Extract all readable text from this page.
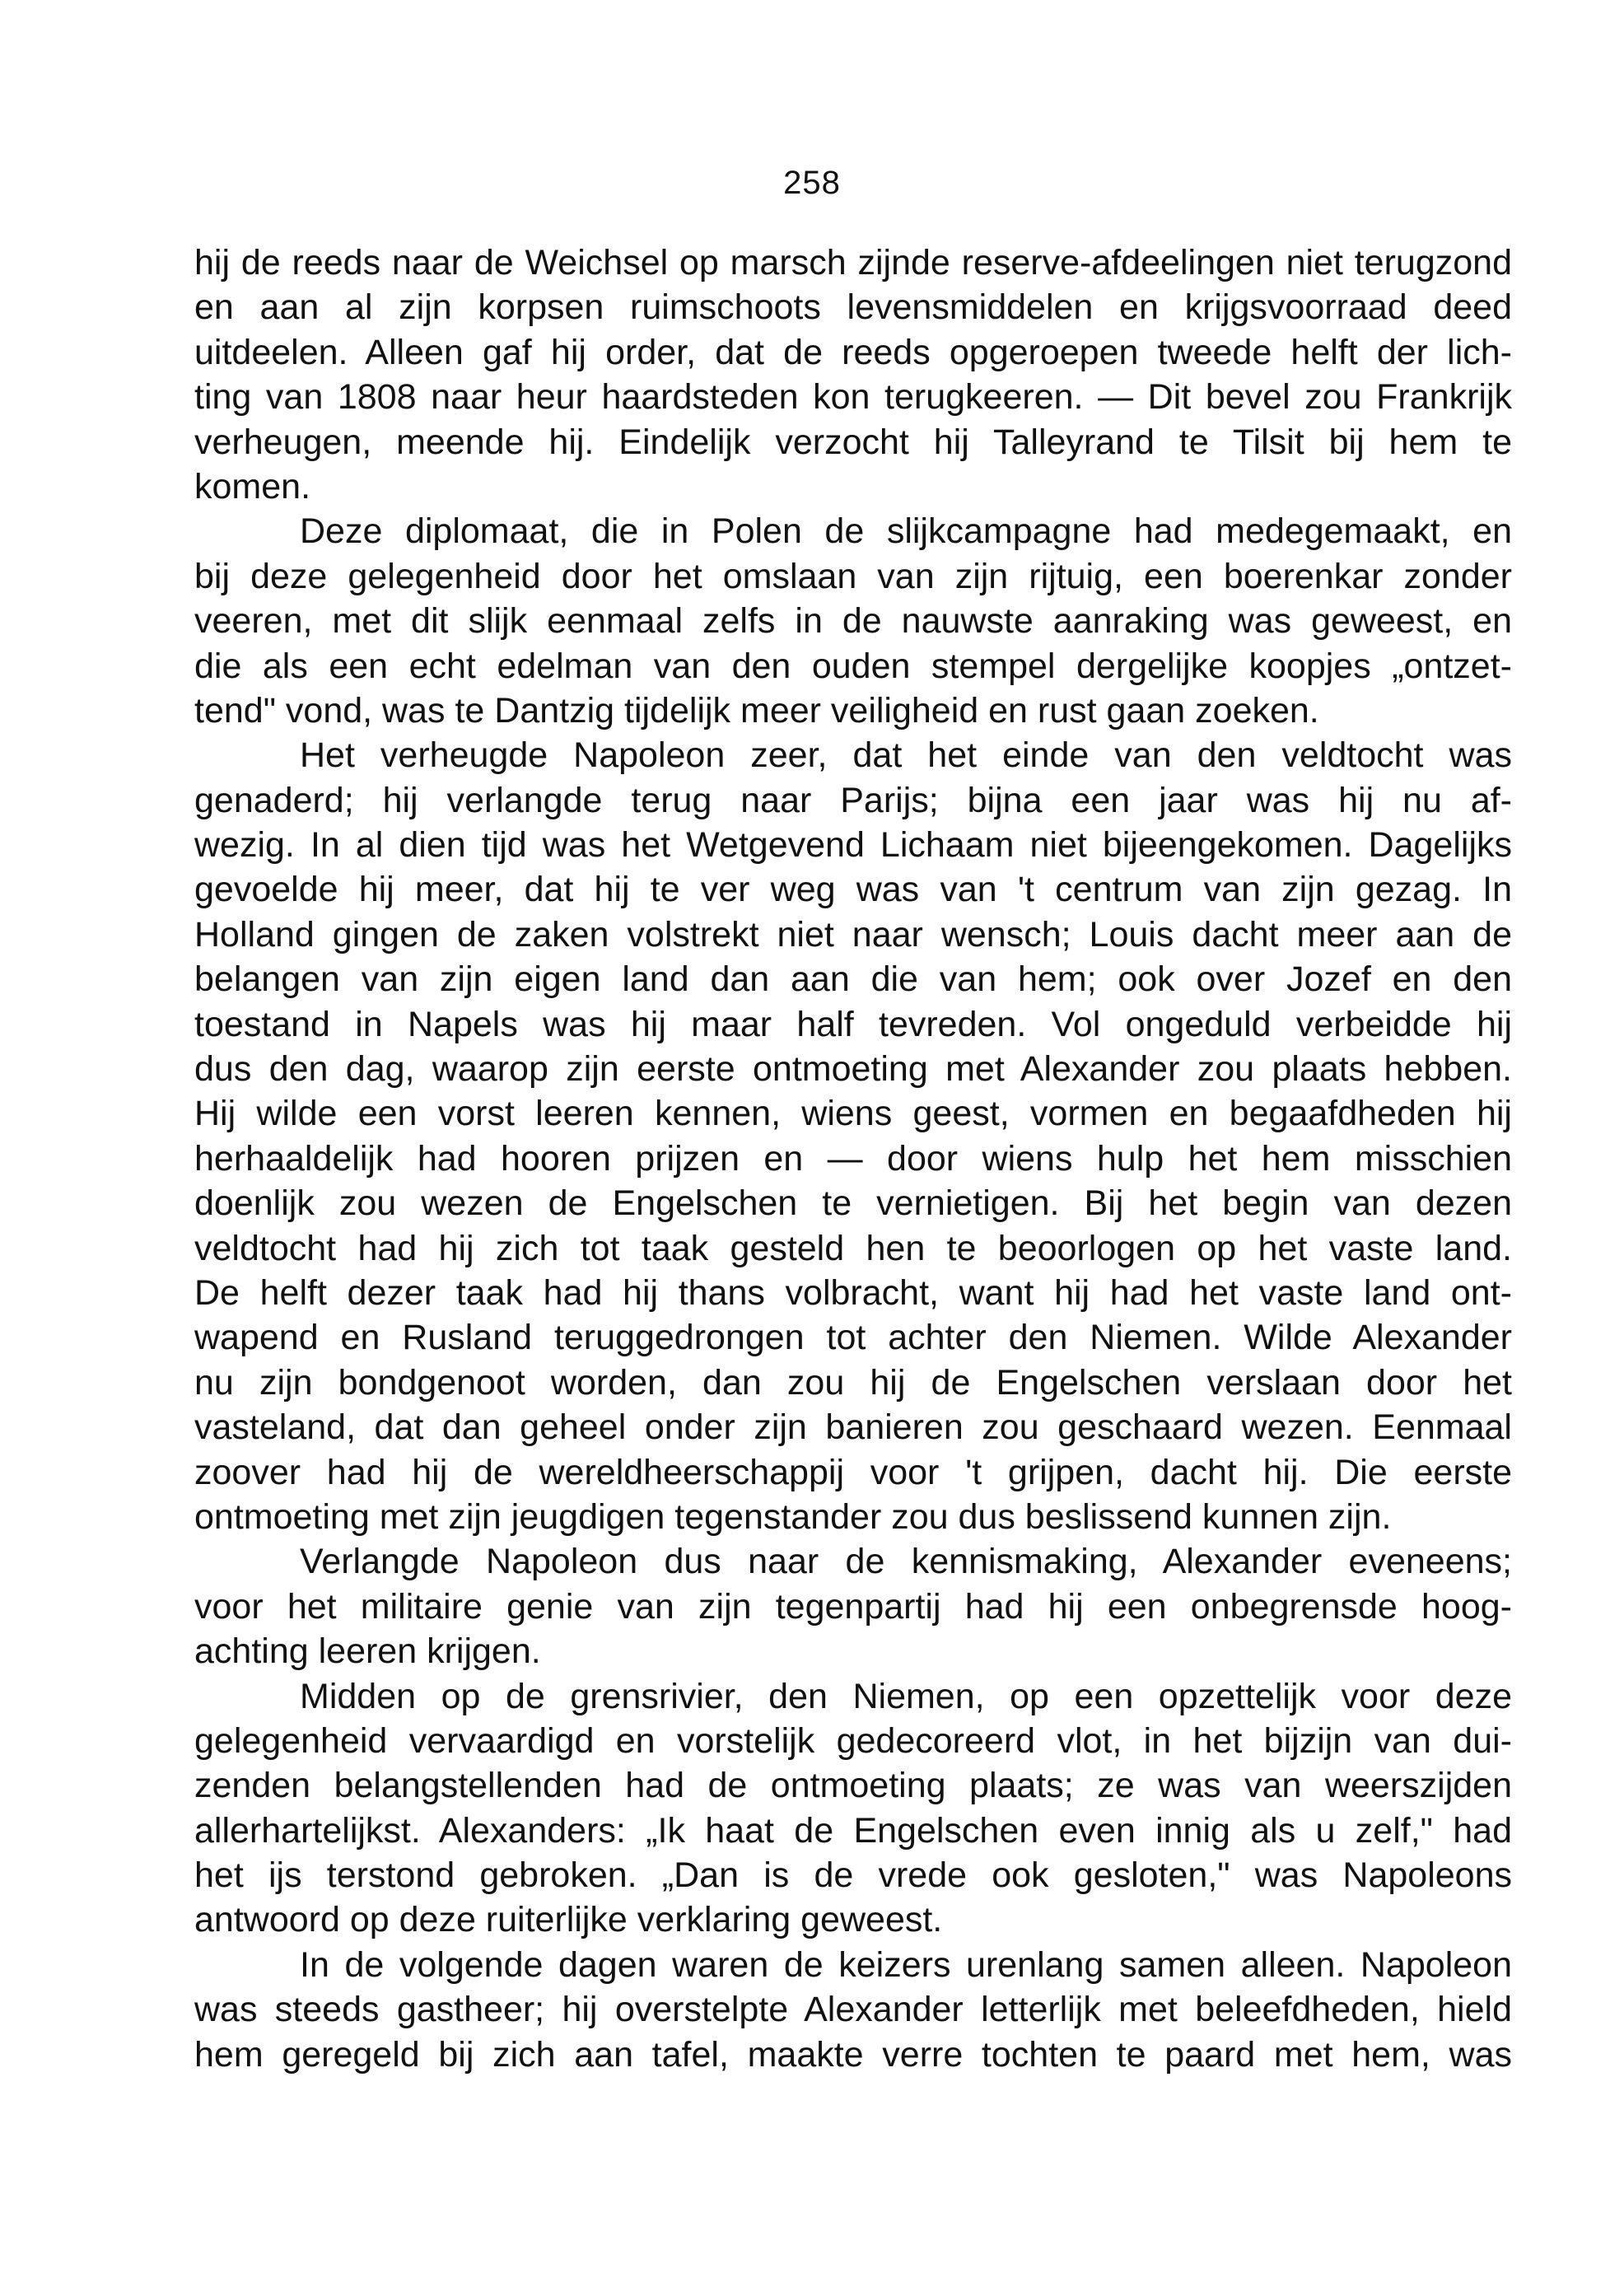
258
hij de reeds naar de Weichsel op marsch zijnde reserve-afdeelingen niet terugzond
en aan al zijn korpsen ruimschoots levensmiddelen en krijgsvoorraad deed
uitdeelen. Alleen gaf hij order, dat de reeds opgeroepen tweede helft der lich-
ting van 1808 naar heur haardsteden kon terugkeeren. — Dit bevel zou Frankrijk
verheugen, meende hij. Eindelijk verzocht hij Talleyrand te Tilsit bij hem te
komen.
Deze diplomaat, die in Polen de slijkcampagne had medegemaakt, en
bij deze gelegenheid door het omslaan van zijn rijtuig, een boerenkar zonder
veeren, met dit slijk eenmaal zelfs in de nauwste aanraking was geweest, en
die als een echt edelman van den ouden stempel dergelijke koopjes „ontzet-
tend" vond, was te Dantzig tijdelijk meer veiligheid en rust gaan zoeken.
Het verheugde Napoleon zeer, dat het einde van den veldtocht was
genaderd; hij verlangde terug naar Parijs; bijna een jaar was hij nu af-
wezig. In al dien tijd was het Wetgevend Lichaam niet bijeengekomen. Dagelijks
gevoelde hij meer, dat hij te ver weg was van 't centrum van zijn gezag. In
Holland gingen de zaken volstrekt niet naar wensch; Louis dacht meer aan de
belangen van zijn eigen land dan aan die van hem; ook over Jozef en den
toestand in Napels was hij maar half tevreden. Vol ongeduld verbeidde hij
dus den dag, waarop zijn eerste ontmoeting met Alexander zou plaats hebben.
Hij wilde een vorst leeren kennen, wiens geest, vormen en begaafdheden hij
herhaaldelijk had hooren prijzen en — door wiens hulp het hem misschien
doenlijk zou wezen de Engelschen te vernietigen. Bij het begin van dezen
veldtocht had hij zich tot taak gesteld hen te beoorlogen op het vaste land.
De helft dezer taak had hij thans volbracht, want hij had het vaste land ont-
wapend en Rusland teruggedrongen tot achter den Niemen. Wilde Alexander
nu zijn bondgenoot worden, dan zou hij de Engelschen verslaan door het
vasteland, dat dan geheel onder zijn banieren zou geschaard wezen. Eenmaal
zoover had hij de wereldheerschappij voor 't grijpen, dacht hij. Die eerste
ontmoeting met zijn jeugdigen tegenstander zou dus beslissend kunnen zijn.
Verlangde Napoleon dus naar de kennismaking, Alexander eveneens;
voor het militaire genie van zijn tegenpartij had hij een onbegrensde hoog-
achting leeren krijgen.
Midden op de grensrivier, den Niemen, op een opzettelijk voor deze
gelegenheid vervaardigd en vorstelijk gedecoreerd vlot, in het bijzijn van dui-
zenden belangstellenden had de ontmoeting plaats; ze was van weerszijden
allerhartelijkst. Alexanders: „Ik haat de Engelschen even innig als u zelf," had
het ijs terstond gebroken. „Dan is de vrede ook gesloten," was Napoleons
antwoord op deze ruiterlijke verklaring geweest.
In de volgende dagen waren de keizers urenlang samen alleen. Napoleon
was steeds gastheer; hij overstelpte Alexander letterlijk met beleefdheden, hield
hem geregeld bij zich aan tafel, maakte verre tochten te paard met hem, was
